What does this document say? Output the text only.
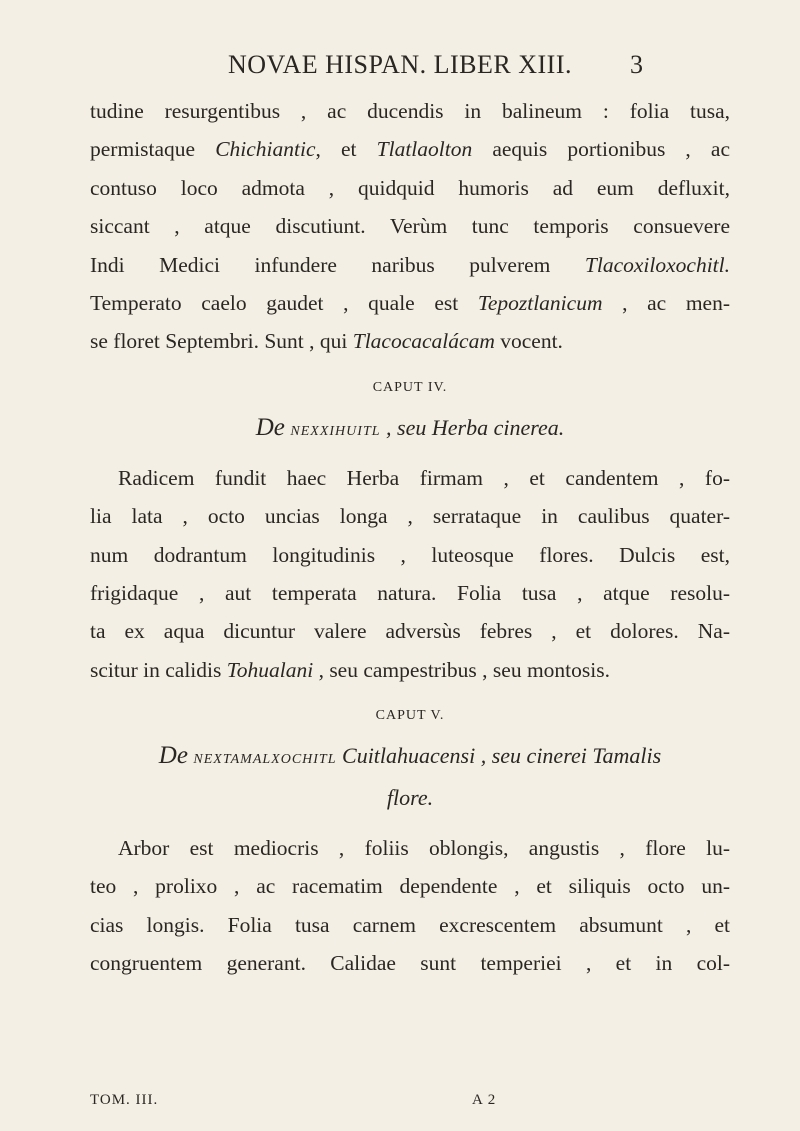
NOVAE HISPAN. LIBER XIII.	3
tudine resurgentibus , ac ducendis in balineum : folia tusa,
permistaque Chichiantic, et Tlatlaolton aequis portionibus , ac
contuso loco admota , quidquid humoris ad eum defluxit,
siccant , atque discutiunt. Verùm tunc temporis consuevere
Indi Medici infundere naribus pulverem Tlacoxiloxochitl.
Temperato caelo gaudet , quale est Tepoztlanicum , ac men-
se floret Septembri. Sunt , qui Tlacocacalácam vocent.
CAPUT IV.
De nexxihuitl , seu Herba cinerea.
Radicem fundit haec Herba firmam , et candentem , fo-
lia lata , octo uncias longa , serrataque in caulibus quater-
num dodrantum longitudinis , luteosque flores. Dulcis est,
frigidaque , aut temperata natura. Folia tusa , atque resolu-
ta ex aqua dicuntur valere adversùs febres , et dolores. Na-
scitur in calidis Tohualani , seu campestribus , seu montosis.
CAPUT V.
De nextamalxochitl Cuitlahuacensi , seu cinerei Tamalis
flore.
Arbor est mediocris , foliis oblongis, angustis , flore lu-
teo , prolixo , ac racematim dependente , et siliquis octo un-
cias longis. Folia tusa carnem excrescentem absumunt , et
congruentem generant. Calidae sunt temperiei , et in col-
TOM. III.	A 2
